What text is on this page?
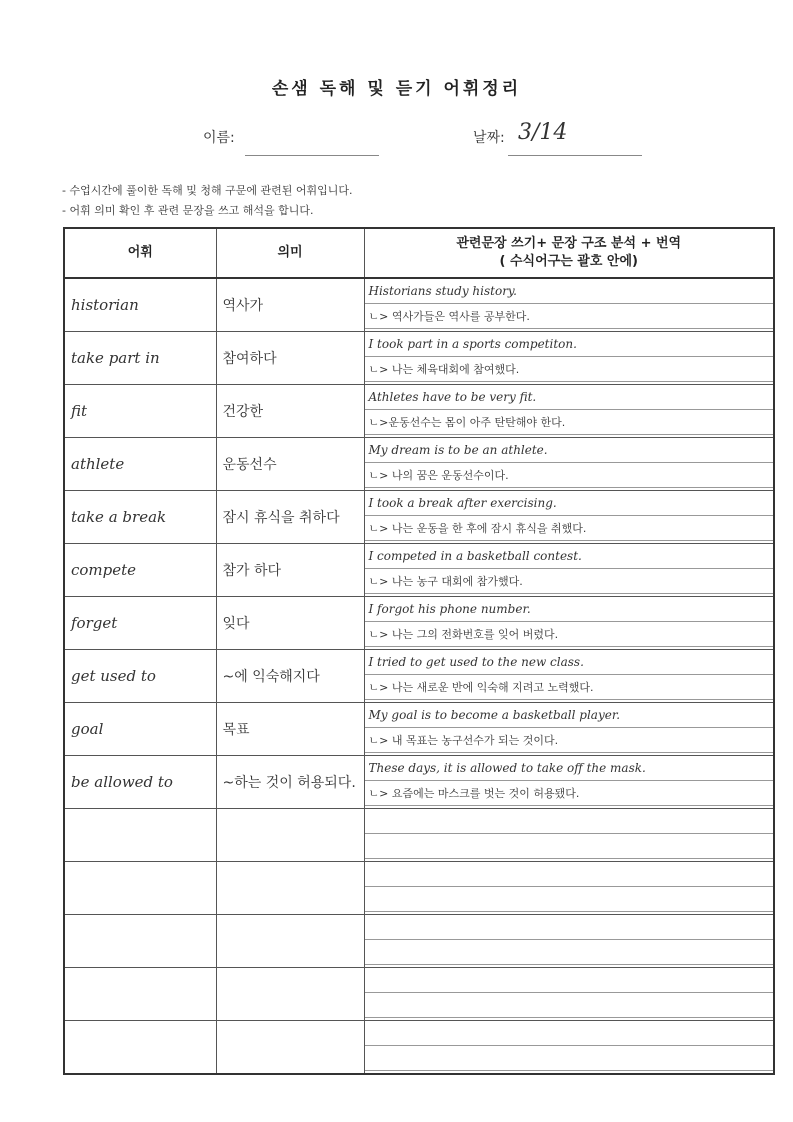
손샘 독해 및 듣기 어휘정리
이름:	날짜: 3/14
- 수업시간에 풀이한 독해 및 청해 구문에 관련된 어휘입니다.
- 어휘 의미 확인 후 관련 문장을 쓰고 해석을 합니다.
어휘	의미	관련문장 쓰기+ 문장 구조 분석 + 번역
( 수식어구는 괄호 안에)

historian	역사가	Historians study history.
ㄴ> 역사가들은 역사를 공부한다.

take part in	참여하다	I took part in a sports competiton.
ㄴ> 나는 체육대회에 참여했다.

fit	건강한	Athletes have to be very fit.
ㄴ>운동선수는 몸이 아주 탄탄해야 한다.

athlete	운동선수	My dream is to be an athlete.
ㄴ> 나의 꿈은 운동선수이다.

take a break	잠시 휴식을 취하다	I took a break after exercising.
ㄴ> 나는 운동을 한 후에 잠시 휴식을 취했다.

compete	참가 하다	I competed in a basketball contest.
ㄴ> 나는 농구 대회에 참가했다.

forget	잊다	I forgot his phone number.
ㄴ> 나는 그의 전화번호를 잊어 버렸다.

get used to	~에 익숙해지다	I tried to get used to the new class.
ㄴ> 나는 새로운 반에 익숙해 지려고 노력했다.

goal	목표	My goal is to become a basketball player.
ㄴ> 내 목표는 농구선수가 되는 것이다.

be allowed to	~하는 것이 허용되다.	These days, it is allowed to take off the mask.
ㄴ> 요즘에는 마스크를 벗는 것이 허용됐다.
